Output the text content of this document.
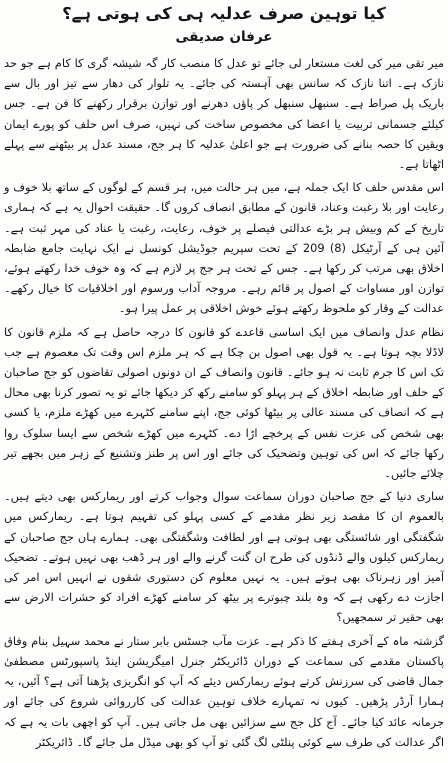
کیا توہین صرف عدلیہ ہی کی ہوتی ہے؟
عرفان صدیقی

میر تقی میر کی لغت مستعار لی جائے تو عدل کا منصب کار گہ شیشہ گری کا کام ہے جو حد نازک ہے۔ اتنا نازک کہ سانس بھی آہستہ کی جائے۔ یہ تلوار کی دھار سے تیز اور بال سے باریک پل صراط ہے۔ سنبھل سنبھل کر پاؤں دھرنے اور توازن برقرار رکھنے کا فن ہے۔ جس کیلئے جسمانی تربیت یا اعضا کی مخصوص ساخت کی نہیں، صرف اس حلف کو پورے ایمان ویقین کا حصہ بنانے کی ضرورت ہے جو اعلیٰ عدلیہ کا ہر جج، مسند عدل پر بیٹھنے سے پہلے اٹھاتا ہے۔

اس مقدس حلف کا ایک جملہ ہے، میں ہر حالت میں، ہر قسم کے لوگوں کے ساتھ بلا خوف و رعایت اور بلا رغبت وعناد، قانون کے مطابق انصاف کروں گا۔ حقیقت احوال یہ ہے کہ ہماری تاریخ کے کم وبیش ہر بڑے عدالتی فیصلے پر خوف، رعایت، رغبت یا عناد کی مہر ثبت ہے۔ آئین ہی کے آرٹیکل (8) 209 کے تحت سپریم جوڈیشل کونسل نے ایک نہایت جامع ضابطہ اخلاق بھی مرتب کر رکھا ہے۔ جس کے تحت ہر جج پر لازم ہے کہ وہ خوف خدا رکھتے ہوئے، توازن اور مساوات کے اصول پر قائم رہے۔ مروجہ آداب ورسوم اور اخلاقیات کا خیال رکھے۔ عدالت کے وقار کو ملحوظ رکھتے ہوئے خوش اخلاقی پر عمل پیرا ہو۔

نظام عدل وانصاف میں ایک اساسی قاعدے کو قانون کا درجہ حاصل ہے کہ ملزم قانون کا لاڈلا بچہ ہوتا ہے۔ یہ قول بھی اصول بن چکا ہے کہ ہر ملزم اس وقت تک معصوم ہے جب تک اس کا جرم ثابت نہ ہو جائے۔ قانون وانصاف کے ان دونوں اصولی تقاضوں کو جج صاحبان کے حلف اور ضابطہ اخلاق کے ہر پہلو کو سامنے رکھ کر دیکھا جائے تو یہ تصور کرنا بھی محال ہے کہ انصاف کی مسند عالی پر بیٹھا کوئی جج، اپنے سامنے کٹہرے میں کھڑے ملزم، یا کسی بھی شخص کی عزت نفس کے پرخچے اڑا دے۔ کٹہرے میں کھڑے شخص سے ایسا سلوک روا رکھا جائے کہ اس کی توہین وتضحیک کی جائے اور اس پر طنز وتشنیع کے زہر میں بجھے تیر چلائے جائیں۔

ساری دنیا کے جج صاحبان دوران سماعت سوال وجواب کرتے اور ریمارکس بھی دیتے ہیں۔ بالعموم ان کا مقصد زیر نظر مقدمے کے کسی پہلو کی تفہیم ہوتا ہے۔ ریمارکس میں شگفتگی اور شائستگی بھی ہوتی ہے اور لطافت وشگفتگی بھی۔ ہمارے ہاں جج صاحبان کے ریمارکس کیلوں والے ڈنڈوں کی طرح ان گنت گرنے والے اور ہر ڈھب بھی نہیں ہوتے۔ تضحیک آمیز اور زہرناک بھی ہوتے ہیں۔ یہ نہیں معلوم کن دستوری شقوں نے انہیں اس امر کی اجازت دے رکھی ہے کہ وہ بلند چبوترے پر بیٹھ کر سامنے کھڑے افراد کو حشرات الارض سے بھی حقیر تر سمجھیں؟

گزشتہ ماہ کے آخری ہفتے کا ذکر ہے۔ عزت مآب جسٹس بابر ستار نے محمد سہیل بنام وفاق پاکستان مقدمے کی سماعت کے دوران ڈائریکٹر جنرل امیگریشن اینڈ پاسپورٹس مصطفیٰ جمال قاضی کی سرزنش کرتے ہوئے ریمارکس دیئے کہ آپ کو انگریزی پڑھنا آتی ہے؟ آئیں، یہ ہمارا آرڈر پڑھیں۔ کیوں نہ تمہارے خلاف توہین عدالت کی کارروائی شروع کی جائے اور جرمانہ عائد کیا جائے۔ آج کل جج سے سزائیں بھی مل جاتی ہیں۔ آپ کو اچھی بات یہ ہے کہ اگر عدالت کی طرف سے کوئی پنلٹی لگ گئی تو آپ کو بھی میڈل مل جائے گا۔ ڈائریکٹر
